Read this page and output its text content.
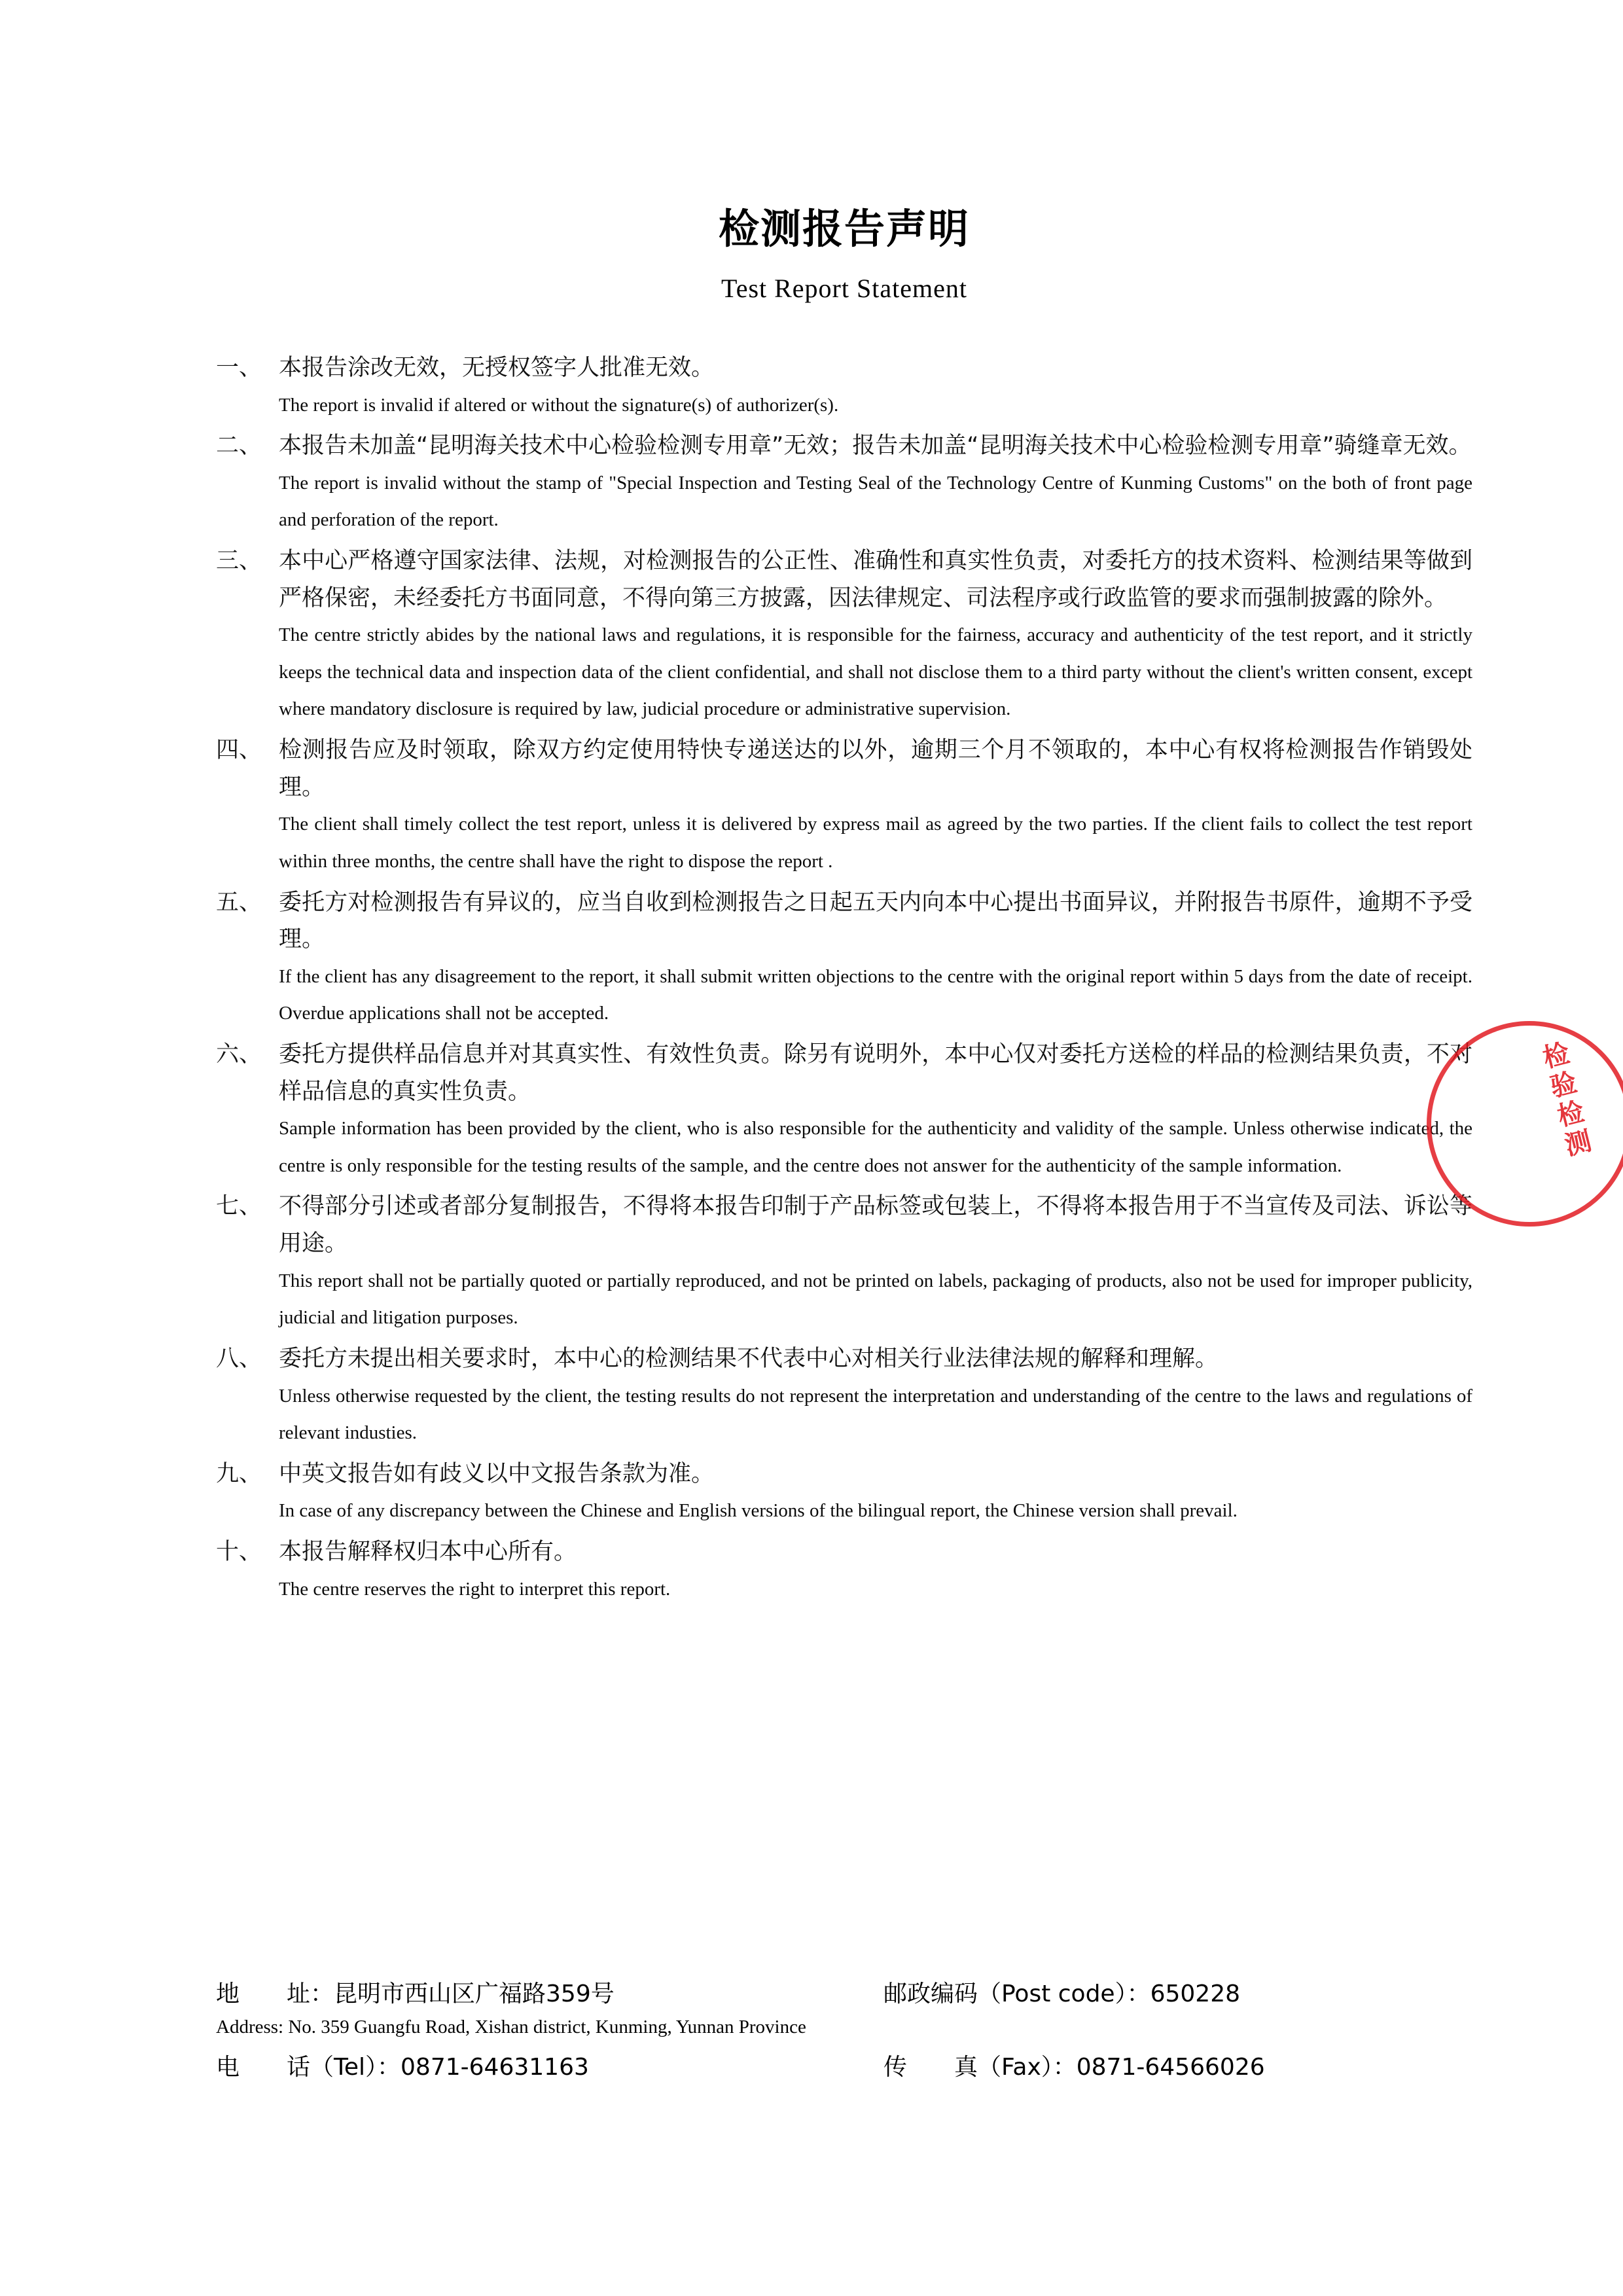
检测报告声明
Test Report Statement
一、 本报告涂改无效，无授权签字人批准无效。
The report is invalid if altered or without the signature(s) of authorizer(s).
二、 本报告未加盖“昆明海关技术中心检验检测专用章”无效；报告未加盖“昆明海关技术中心检验检测专用章”骑缝章无效。
The report is invalid without the stamp of "Special Inspection and Testing Seal of the Technology Centre of Kunming Customs" on the both of front page and perforation of the report.
三、 本中心严格遵守国家法律、法规，对检测报告的公正性、准确性和真实性负责，对委托方的技术资料、检测结果等做到严格保密，未经委托方书面同意，不得向第三方披露，因法律规定、司法程序或行政监管的要求而强制披露的除外。
The centre strictly abides by the national laws and regulations, it is responsible for the fairness, accuracy and authenticity of the test report, and it strictly keeps the technical data and inspection data of the client confidential, and shall not disclose them to a third party without the client's written consent, except where mandatory disclosure is required by law, judicial procedure or administrative supervision.
四、 检测报告应及时领取，除双方约定使用特快专递送达的以外，逾期三个月不领取的，本中心有权将检测报告作销毁处理。
The client shall timely collect the test report, unless it is delivered by express mail as agreed by the two parties. If the client fails to collect the test report within three months, the centre shall have the right to dispose the report .
五、 委托方对检测报告有异议的，应当自收到检测报告之日起五天内向本中心提出书面异议，并附报告书原件，逾期不予受理。
If the client has any disagreement to the report, it shall submit written objections to the centre with the original report within 5 days from the date of receipt. Overdue applications shall not be accepted.
六、 委托方提供样品信息并对其真实性、有效性负责。除另有说明外，本中心仅对委托方送检的样品的检测结果负责，不对样品信息的真实性负责。
Sample information has been provided by the client, who is also responsible for the authenticity and validity of the sample. Unless otherwise indicated, the centre is only responsible for the testing results of the sample, and the centre does not answer for the authenticity of the sample information.
七、 不得部分引述或者部分复制报告，不得将本报告印制于产品标签或包装上，不得将本报告用于不当宣传及司法、诉讼等用途。
This report shall not be partially quoted or partially reproduced, and not be printed on labels, packaging of products, also not be used for improper publicity, judicial and litigation purposes.
八、 委托方未提出相关要求时，本中心的检测结果不代表中心对相关行业法律法规的解释和理解。
Unless otherwise requested by the client, the testing results do not represent the interpretation and understanding of the centre to the laws and regulations of relevant industies.
九、 中英文报告如有歧义以中文报告条款为准。
In case of any discrepancy between the Chinese and English versions of the bilingual report, the Chinese version shall prevail.
十、 本报告解释权归本中心所有。
The centre reserves the right to interpret this report.
检验检测
地　　址：昆明市西山区广福路359号	邮政编码（Post code）：650228
Address: No. 359 Guangfu Road, Xishan district, Kunming, Yunnan Province
电　　话（Tel）：0871-64631163	传　　真（Fax）：0871-64566026
